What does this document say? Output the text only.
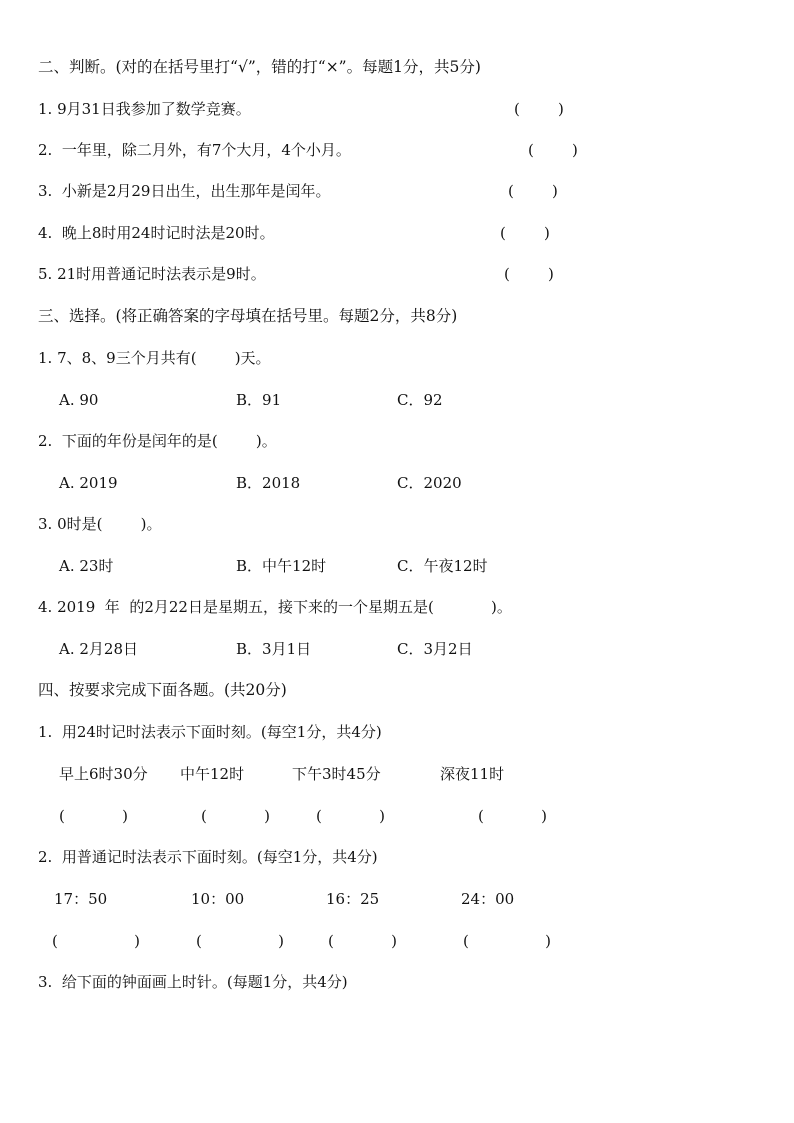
二、判断。(对的在括号里打“√”，错的打“×”。每题1分，共5分)
1. 9月31日我参加了数学竞赛。	(        )
2.  一年里，除二月外，有7个大月，4个小月。	(        )
3.  小新是2月29日出生，出生那年是闰年。	(        )
4.  晚上8时用24时记时法是20时。	(        )
5. 21时用普通记时法表示是9时。	(        )
三、选择。(将正确答案的字母填在括号里。每题2分，共8分)
1. 7、8、9三个月共有(        )天。
A. 90	B．91	C．92
2.  下面的年份是闰年的是(        )。
A. 2019	B．2018	C．2020
3. 0时是(        )。
A. 23时	B．中午12时	C．午夜12时
4. 2019  年  的2月22日是星期五，接下来的一个星期五是(            )。
A. 2月28日	B．3月1日	C．3月2日
四、按要求完成下面各题。(共20分)
1.  用24时记时法表示下面时刻。(每空1分，共4分)
早上6时30分 中午12时	下午3时45分	深夜11时
(            )	(            )	(            )	(            )
2.  用普通记时法表示下面时刻。(每空1分，共4分)
17：50	10：00	16：25	24：00
(                )	(                )	(            )	(                )
3.  给下面的钟面画上时针。(每题1分，共4分)
